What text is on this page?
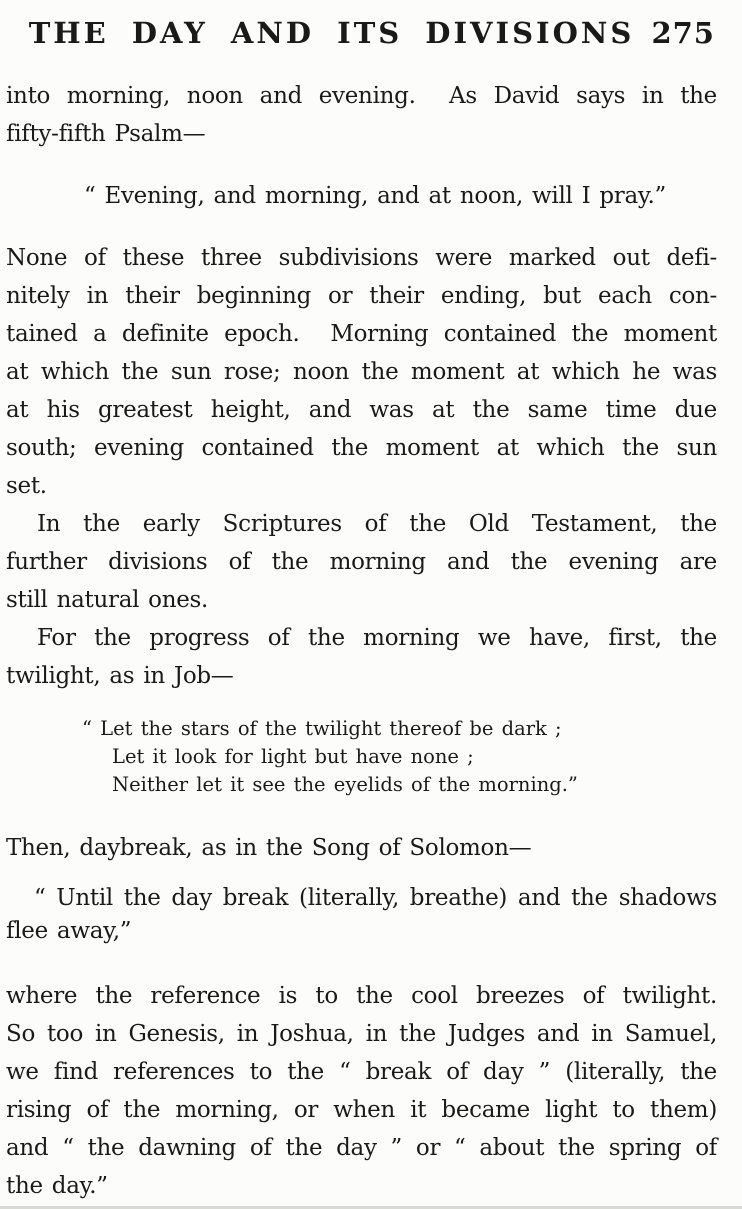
THE DAY AND ITS DIVISIONS 275
into morning, noon and evening.  As David says in the
fifty-fifth Psalm—
“ Evening, and morning, and at noon, will I pray.”
None of these three subdivisions were marked out defi-
nitely in their beginning or their ending, but each con-
tained a definite epoch.  Morning contained the moment
at which the sun rose; noon the moment at which he was
at his greatest height, and was at the same time due
south; evening contained the moment at which the sun
set.
In the early Scriptures of the Old Testament, the
further divisions of the morning and the evening are
still natural ones.
For the progress of the morning we have, first, the
twilight, as in Job—
“ Let the stars of the twilight thereof be dark ;
Let it look for light but have none ;
Neither let it see the eyelids of the morning.”
Then, daybreak, as in the Song of Solomon—
“ Until the day break (literally, breathe) and the shadows
flee away,”
where the reference is to the cool breezes of twilight.
So too in Genesis, in Joshua, in the Judges and in Samuel,
we find references to the “ break of day ” (literally, the
rising of the morning, or when it became light to them)
and “ the dawning of the day ” or “ about the spring of
the day.”
